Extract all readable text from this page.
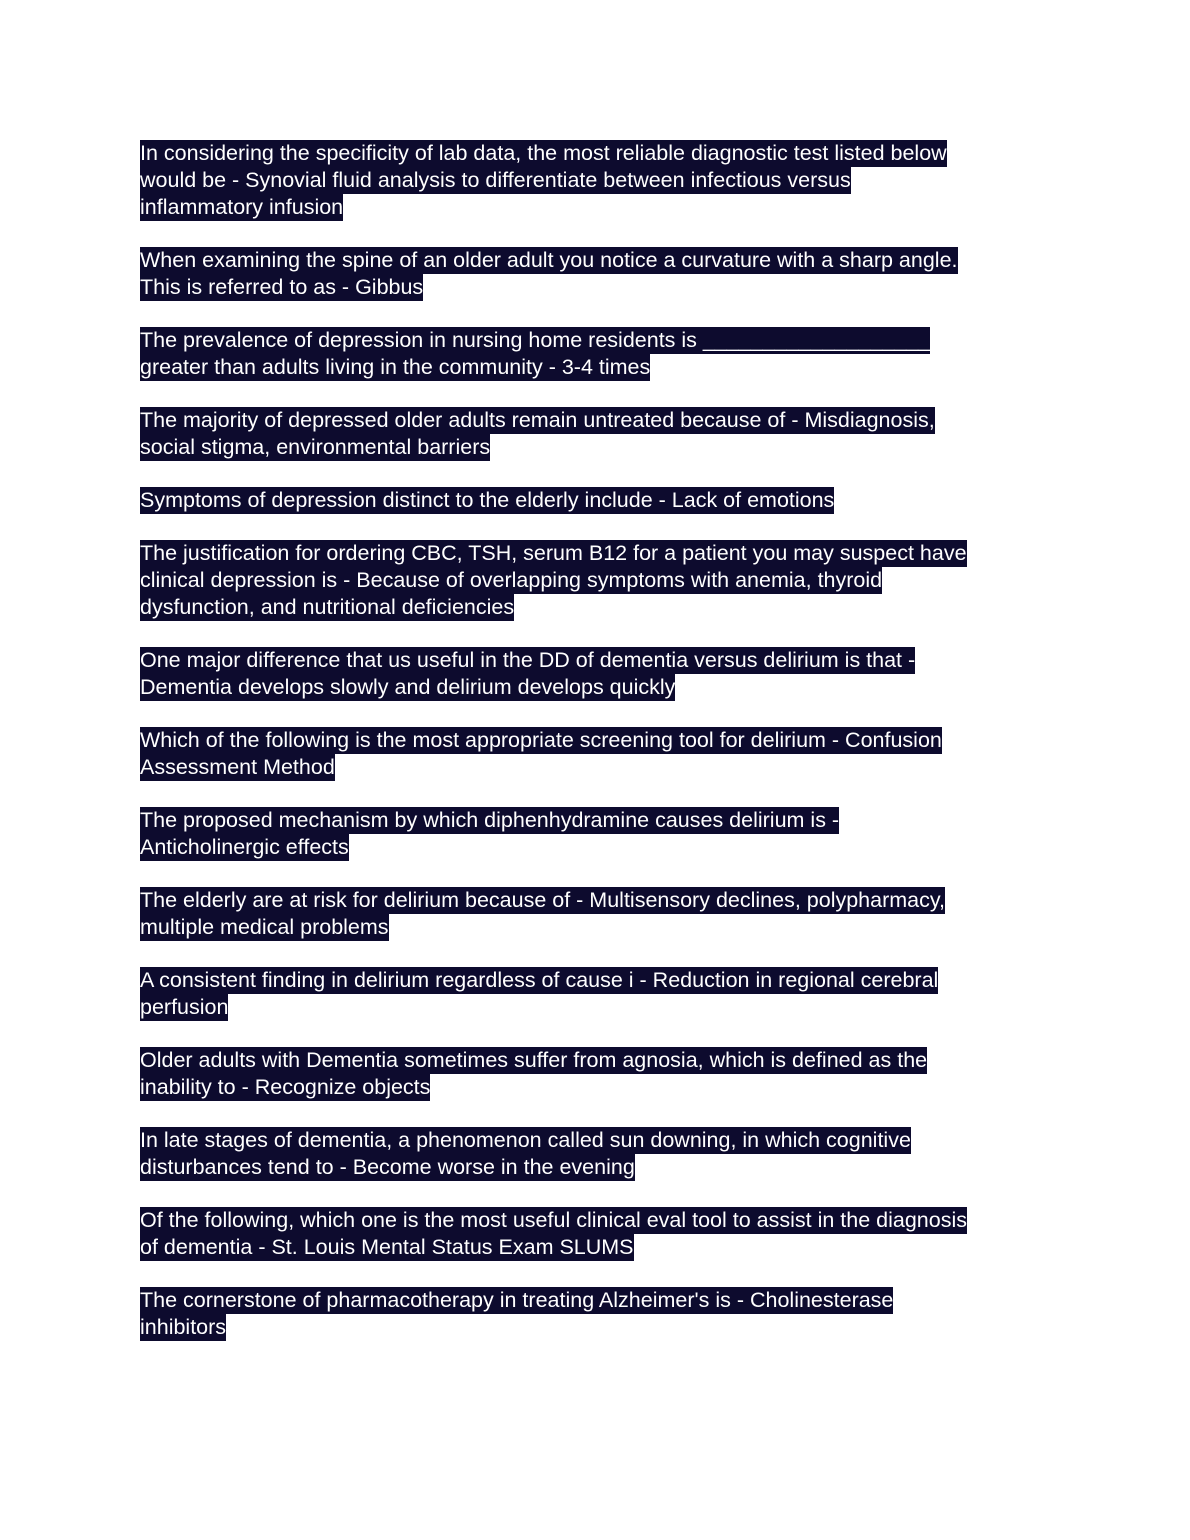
In considering the specificity of lab data, the most reliable diagnostic test listed below
would be - Synovial fluid analysis to differentiate between infectious versus
inflammatory infusion
When examining the spine of an older adult you notice a curvature with a sharp angle.
This is referred to as - Gibbus
The prevalence of depression in nursing home residents is ___________________
greater than adults living in the community - 3-4 times
The majority of depressed older adults remain untreated because of - Misdiagnosis,
social stigma, environmental barriers
Symptoms of depression distinct to the elderly include - Lack of emotions
The justification for ordering CBC, TSH, serum B12 for a patient you may suspect have
clinical depression is - Because of overlapping symptoms with anemia, thyroid
dysfunction, and nutritional deficiencies
One major difference that us useful in the DD of dementia versus delirium is that -
Dementia develops slowly and delirium develops quickly
Which of the following is the most appropriate screening tool for delirium - Confusion
Assessment Method
The proposed mechanism by which diphenhydramine causes delirium is -
Anticholinergic effects
The elderly are at risk for delirium because of - Multisensory declines, polypharmacy,
multiple medical problems
A consistent finding in delirium regardless of cause i - Reduction in regional cerebral
perfusion
Older adults with Dementia sometimes suffer from agnosia, which is defined as the
inability to - Recognize objects
In late stages of dementia, a phenomenon called sun downing, in which cognitive
disturbances tend to - Become worse in the evening
Of the following, which one is the most useful clinical eval tool to assist in the diagnosis
of dementia - St. Louis Mental Status Exam SLUMS
The cornerstone of pharmacotherapy in treating Alzheimer's is - Cholinesterase
inhibitors
